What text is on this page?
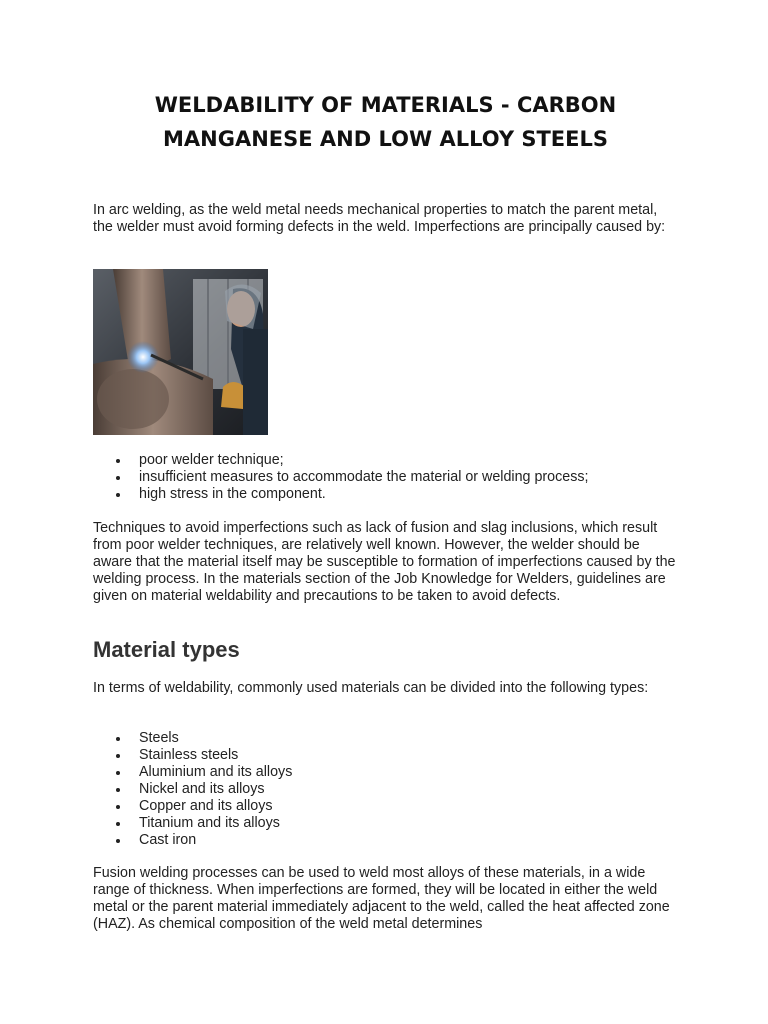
WELDABILITY OF MATERIALS - CARBON
MANGANESE AND LOW ALLOY STEELS

In arc welding, as the weld metal needs mechanical properties to match the parent metal, the welder must avoid forming defects in the weld. Imperfections are principally caused by:

poor welder technique;
insufficient measures to accommodate the material or welding process;
high stress in the component.

Techniques to avoid imperfections such as lack of fusion and slag inclusions, which result from poor welder techniques, are relatively well known. However, the welder should be aware that the material itself may be susceptible to formation of imperfections caused by the welding process. In the materials section of the Job Knowledge for Welders, guidelines are given on material weldability and precautions to be taken to avoid defects.

Material types

In terms of weldability, commonly used materials can be divided into the following types:

Steels
Stainless steels
Aluminium and its alloys
Nickel and its alloys
Copper and its alloys
Titanium and its alloys
Cast iron

Fusion welding processes can be used to weld most alloys of these materials, in a wide range of thickness. When imperfections are formed, they will be located in either the weld metal or the parent material immediately adjacent to the weld, called the heat affected zone (HAZ). As chemical composition of the weld metal determines
